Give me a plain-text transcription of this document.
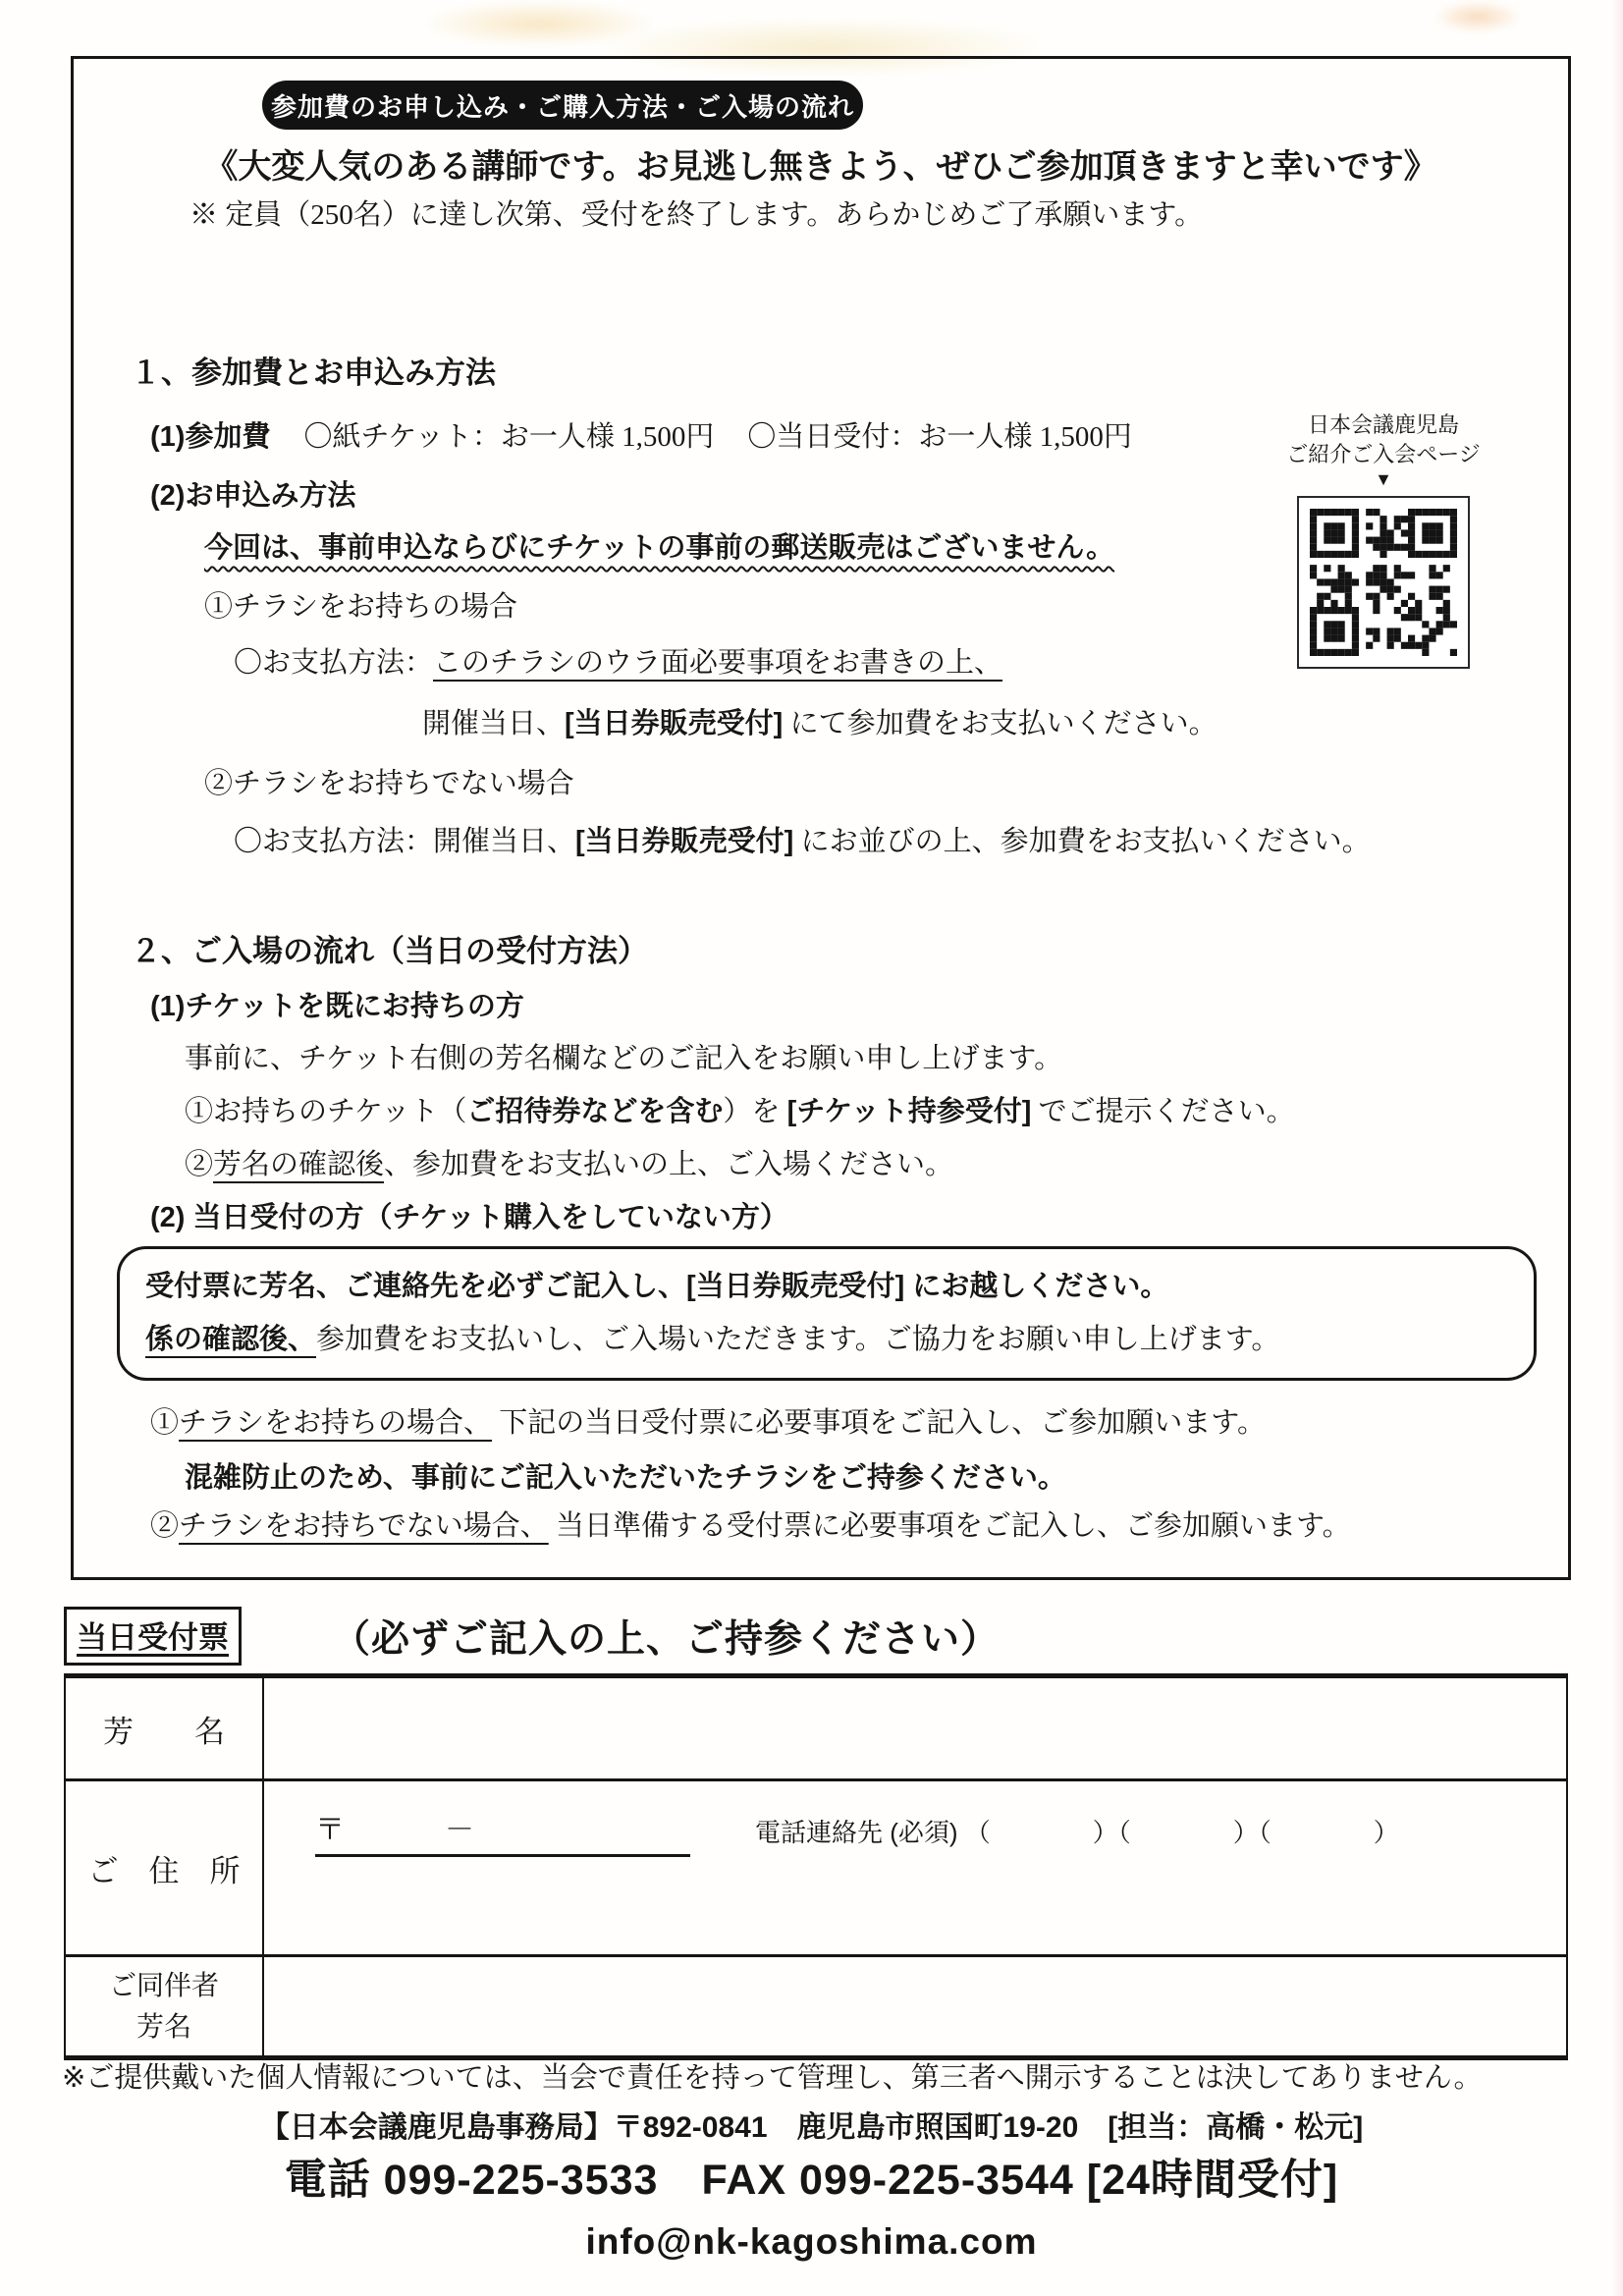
参加費のお申し込み・ご購入方法・ご入場の流れ
《大変人気のある講師です。お見逃し無きよう、ぜひご参加頂きますと幸いです》
※ 定員（250名）に達し次第、受付を終了します。あらかじめご了承願います。
１、参加費とお申込み方法
(1)参加費 〇紙チケット：お一人様 1,500円 〇当日受付：お一人様 1,500円
(2)お申込み方法
今回は、事前申込ならびにチケットの事前の郵送販売はございません。
①チラシをお持ちの場合
〇お支払方法：このチラシのウラ面必要事項をお書きの上、
開催当日、[当日券販売受付] にて参加費をお支払いください。
②チラシをお持ちでない場合
〇お支払方法：開催当日、[当日券販売受付] にお並びの上、参加費をお支払いください。
日本会議鹿児島
ご紹介ご入会ページ
▼
２、ご入場の流れ（当日の受付方法）
(1)チケットを既にお持ちの方
事前に、チケット右側の芳名欄などのご記入をお願い申し上げます。
①お持ちのチケット（ご招待券などを含む）を [チケット持参受付] でご提示ください。
②芳名の確認後、参加費をお支払いの上、ご入場ください。
(2) 当日受付の方（チケット購入をしていない方）
受付票に芳名、ご連絡先を必ずご記入し、[当日券販売受付] にお越しください。
係の確認後、参加費をお支払いし、ご入場いただきます。ご協力をお願い申し上げます。
①チラシをお持ちの場合、 下記の当日受付票に必要事項をご記入し、ご参加願います。
混雑防止のため、事前にご記入いただいたチラシをご持参ください。
②チラシをお持ちでない場合、 当日準備する受付票に必要事項をご記入し、ご参加願います。
当日受付票	（必ずご記入の上、ご持参ください）
芳　　名
ご　住　所
〒　　－	電話連絡先 (必須) （　　　　）（　　　　）（　　　　）
ご同伴者
芳名
※ご提供戴いた個人情報については、当会で責任を持って管理し、第三者へ開示することは決してありません。
【日本会議鹿児島事務局】〒892-0841　鹿児島市照国町19-20　[担当：高橋・松元]
電話 099-225-3533　FAX 099-225-3544 [24時間受付]
info@nk-kagoshima.com
